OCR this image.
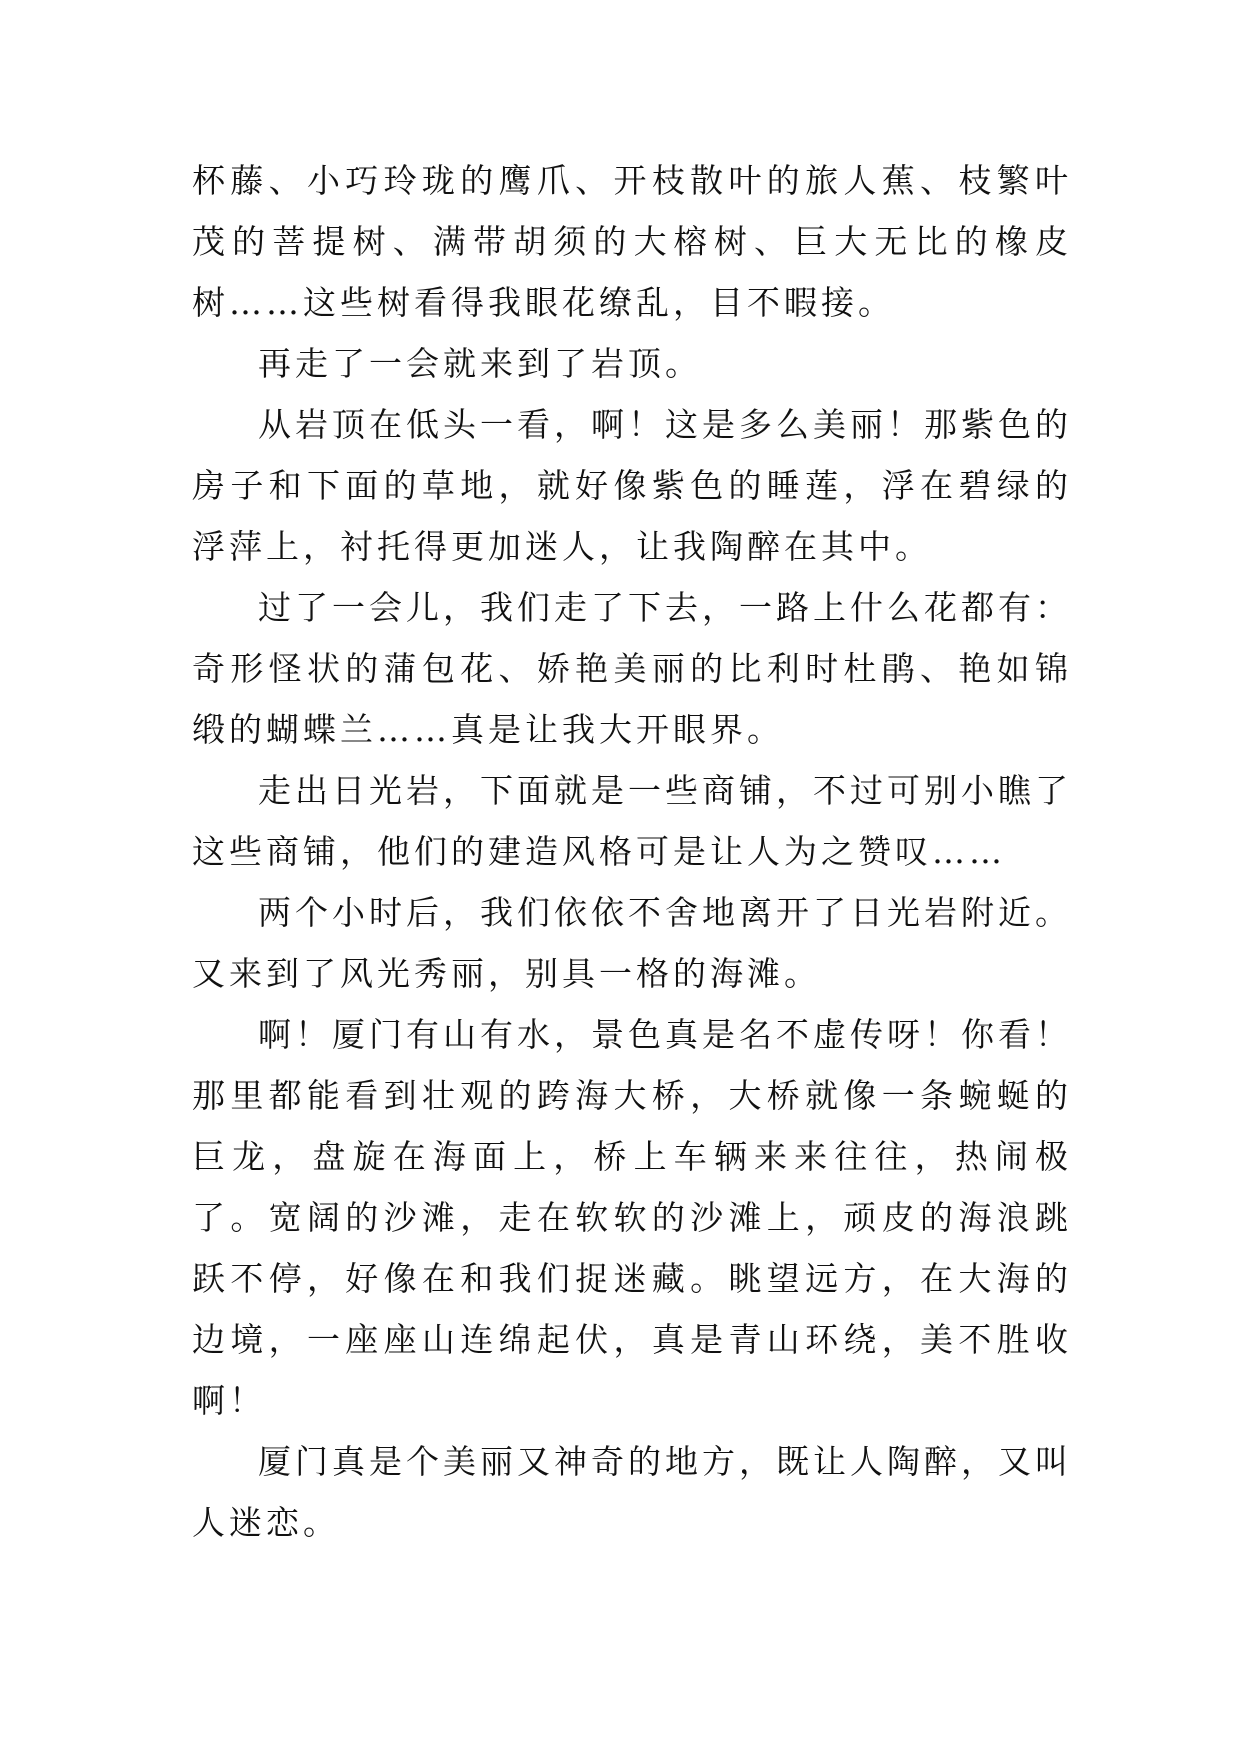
杯藤、小巧玲珑的鹰爪、开枝散叶的旅人蕉、枝繁叶茂的菩提树、满带胡须的大榕树、巨大无比的橡皮树……这些树看得我眼花缭乱，目不暇接。

再走了一会就来到了岩顶。

从岩顶在低头一看，啊！这是多么美丽！那紫色的房子和下面的草地，就好像紫色的睡莲，浮在碧绿的浮萍上，衬托得更加迷人，让我陶醉在其中。

过了一会儿，我们走了下去，一路上什么花都有：奇形怪状的蒲包花、娇艳美丽的比利时杜鹃、艳如锦缎的蝴蝶兰……真是让我大开眼界。

走出日光岩，下面就是一些商铺，不过可别小瞧了这些商铺，他们的建造风格可是让人为之赞叹……

两个小时后，我们依依不舍地离开了日光岩附近。又来到了风光秀丽，别具一格的海滩。

啊！厦门有山有水，景色真是名不虚传呀！你看！那里都能看到壮观的跨海大桥，大桥就像一条蜿蜒的巨龙，盘旋在海面上，桥上车辆来来往往，热闹极了。宽阔的沙滩，走在软软的沙滩上，顽皮的海浪跳跃不停，好像在和我们捉迷藏。眺望远方，在大海的边境，一座座山连绵起伏，真是青山环绕，美不胜收啊！

厦门真是个美丽又神奇的地方，既让人陶醉，又叫人迷恋。
